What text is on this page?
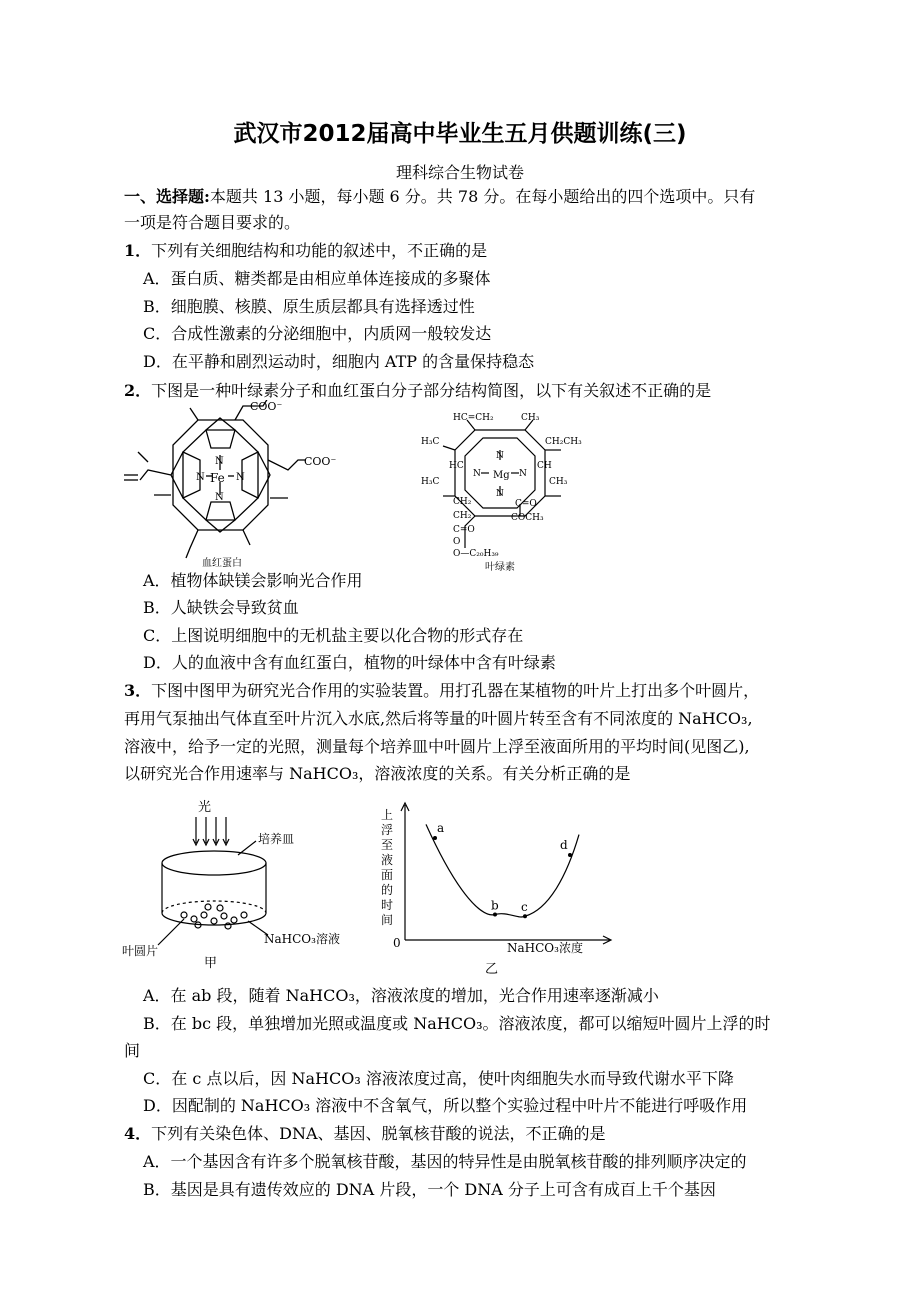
武汉市2012届高中毕业生五月供题训练(三)
理科综合生物试卷
一、选择题:本题共 13 小题，每小题 6 分。共 78 分。在每小题给出的四个选项中。只有
一项是符合题目要求的。
1．下列有关细胞结构和功能的叙述中，不正确的是
A．蛋白质、糖类都是由相应单体连接成的多聚体
B．细胞膜、核膜、原生质层都具有选择透过性
C．合成性激素的分泌细胞中，内质网一般较发达
D．在平静和剧烈运动时，细胞内 ATP 的含量保持稳态
2．下图是一种叶绿素分子和血红蛋白分子部分结构简图，以下有关叙述不正确的是
COO⁻
COO⁻
Fe
N
N
N	N
血红蛋白
HC=CH₂	CH₃
H₃C	CH₂CH₃
HC	CH
H₃C	CH₃
Mg
N
N
N	N
CH₂
CH₂
C=O
C=O
COCH₃
O
O—C₂₀H₃₉
叶绿素
A．植物体缺镁会影响光合作用
B．人缺铁会导致贫血
C．上图说明细胞中的无机盐主要以化合物的形式存在
D．人的血液中含有血红蛋白，植物的叶绿体中含有叶绿素
3．下图中图甲为研究光合作用的实验装置。用打孔器在某植物的叶片上打出多个叶圆片，
再用气泵抽出气体直至叶片沉入水底,然后将等量的叶圆片转至含有不同浓度的 NaHCO₃,
溶液中，给予一定的光照，测量每个培养皿中叶圆片上浮至液面所用的平均时间(见图乙),
以研究光合作用速率与 NaHCO₃，溶液浓度的关系。有关分析正确的是
光
培养皿
NaHCO₃溶液
叶圆片
甲
上
浮
至
液
面
的
时
间
0	NaHCO₃浓度
a
b c
d
乙
A．在 ab 段，随着 NaHCO₃，溶液浓度的增加，光合作用速率逐渐减小
B．在 bc 段，单独增加光照或温度或 NaHCO₃。溶液浓度，都可以缩短叶圆片上浮的时
间
C．在 c 点以后，因 NaHCO₃ 溶液浓度过高，使叶肉细胞失水而导致代谢水平下降
D．因配制的 NaHCO₃ 溶液中不含氧气，所以整个实验过程中叶片不能进行呼吸作用
4．下列有关染色体、DNA、基因、脱氧核苷酸的说法，不正确的是
A．一个基因含有许多个脱氧核苷酸，基因的特异性是由脱氧核苷酸的排列顺序决定的
B．基因是具有遗传效应的 DNA 片段，一个 DNA 分子上可含有成百上千个基因
